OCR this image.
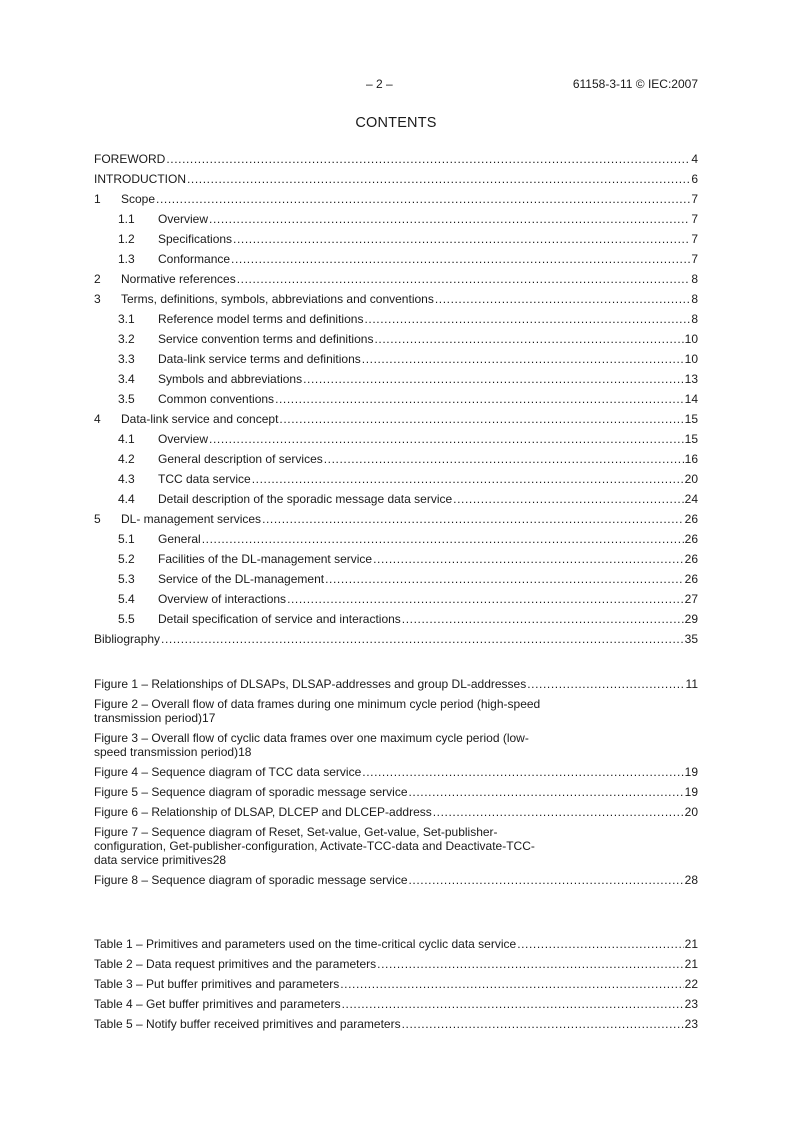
– 2 –	61158-3-11 © IEC:2007
CONTENTS
FOREWORD .....	4
INTRODUCTION .....	6
1	Scope .....	7
1.1	Overview .....	7
1.2	Specifications .....	7
1.3	Conformance .....	7
2	Normative references .....	8
3	Terms, definitions, symbols, abbreviations and conventions .....	8
3.1	Reference model terms and definitions .....	8
3.2	Service convention terms and definitions .....	10
3.3	Data-link service terms and definitions .....	10
3.4	Symbols and abbreviations .....	13
3.5	Common conventions .....	14
4	Data-link service and concept .....	15
4.1	Overview .....	15
4.2	General description of services .....	16
4.3	TCC data service .....	20
4.4	Detail description of the sporadic message data service .....	24
5	DL- management services .....	26
5.1	General .....	26
5.2	Facilities of the DL-management service .....	26
5.3	Service of the DL-management .....	26
5.4	Overview of interactions .....	27
5.5	Detail specification of service and interactions .....	29
Bibliography .....	35
Figure 1 – Relationships of DLSAPs, DLSAP-addresses and group DL-addresses .....	11
Figure 2 – Overall flow of data frames during one minimum cycle period (high-speed
transmission period) 17
Figure 3 – Overall flow of cyclic data frames over one maximum cycle period (low-
speed transmission period) 18
Figure 4 – Sequence diagram of TCC data service .....	19
Figure 5 – Sequence diagram of sporadic message service .....	19
Figure 6 – Relationship of DLSAP, DLCEP and DLCEP-address .....	20
Figure 7 – Sequence diagram of Reset, Set-value, Get-value, Set-publisher-
configuration, Get-publisher-configuration, Activate-TCC-data and Deactivate-TCC-
data service primitives 28
Figure 8 – Sequence diagram of sporadic message service .....	28
Table 1 – Primitives and parameters used on the time-critical cyclic data service .....	21
Table 2 – Data request primitives and the parameters .....	21
Table 3 – Put buffer primitives and parameters .....	22
Table 4 – Get buffer primitives and parameters .....	23
Table 5 – Notify buffer received primitives and parameters .....	23
